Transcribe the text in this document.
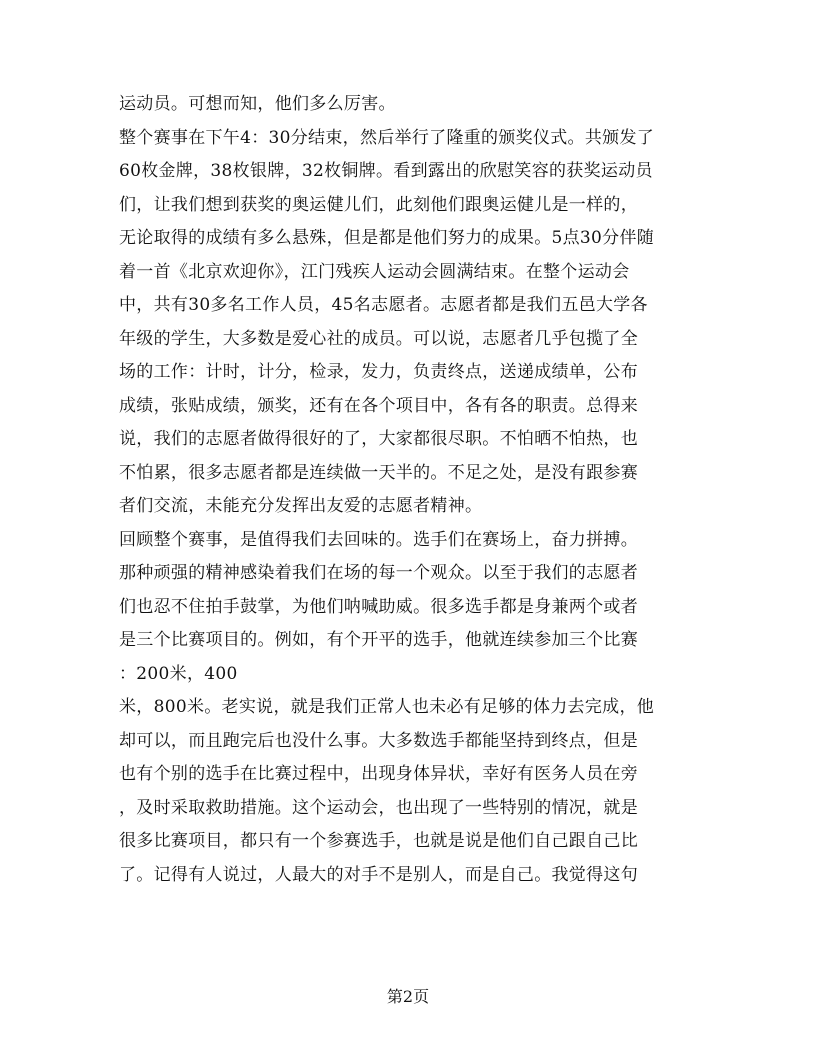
运动员。可想而知，他们多么厉害。
整个赛事在下午4：30分结束，然后举行了隆重的颁奖仪式。共颁发了
60枚金牌，38枚银牌，32枚铜牌。看到露出的欣慰笑容的获奖运动员
们，让我们想到获奖的奥运健儿们，此刻他们跟奥运健儿是一样的，
无论取得的成绩有多么悬殊，但是都是他们努力的成果。5点30分伴随
着一首《北京欢迎你》，江门残疾人运动会圆满结束。在整个运动会
中，共有30多名工作人员，45名志愿者。志愿者都是我们五邑大学各
年级的学生，大多数是爱心社的成员。可以说，志愿者几乎包揽了全
场的工作：计时，计分，检录，发力，负责终点，送递成绩单，公布
成绩，张贴成绩，颁奖，还有在各个项目中，各有各的职责。总得来
说，我们的志愿者做得很好的了，大家都很尽职。不怕晒不怕热，也
不怕累，很多志愿者都是连续做一天半的。不足之处，是没有跟参赛
者们交流，未能充分发挥出友爱的志愿者精神。
回顾整个赛事，是值得我们去回味的。选手们在赛场上，奋力拼搏。
那种顽强的精神感染着我们在场的每一个观众。以至于我们的志愿者
们也忍不住拍手鼓掌，为他们呐喊助威。很多选手都是身兼两个或者
是三个比赛项目的。例如，有个开平的选手，他就连续参加三个比赛
：200米，400
米，800米。老实说，就是我们正常人也未必有足够的体力去完成，他
却可以，而且跑完后也没什么事。大多数选手都能坚持到终点，但是
也有个别的选手在比赛过程中，出现身体异状，幸好有医务人员在旁
，及时采取救助措施。这个运动会，也出现了一些特别的情况，就是
很多比赛项目，都只有一个参赛选手，也就是说是他们自己跟自己比
了。记得有人说过，人最大的对手不是别人，而是自己。我觉得这句
第2页
